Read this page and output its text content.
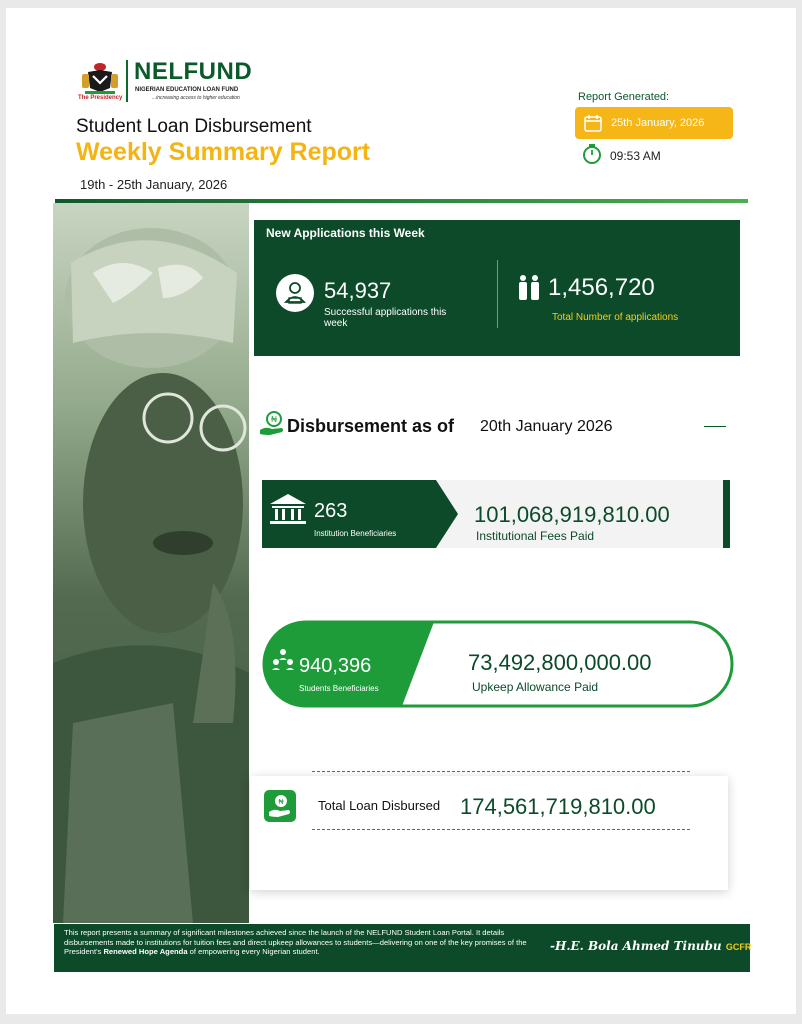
The Presidency
NELFUND
NIGERIAN EDUCATION LOAN FUND
...increasing access to higher education
Student Loan Disbursement
Weekly Summary Report
19th - 25th January, 2026
Report Generated:
25th January, 2026
09:53 AM
New Applications this Week
54,937
Successful applications this week
1,456,720
Total Number of applications
₦ Disbursement as of 20th January 2026
263
Institution Beneficiaries
101,068,919,810.00
Institutional Fees Paid
940,396
Students Beneficiaries
73,492,800,000.00
Upkeep Allowance Paid
₦	Total Loan Disbursed 174,561,719,810.00
This report presents a summary of significant milestones achieved since the launch of the NELFUND Student Loan Portal. It details disbursements made to institutions for tuition fees and direct upkeep allowances to students—delivering on one of the key promises of the President's Renewed Hope Agenda of empowering every Nigerian student.	-H.E. Bola Ahmed Tinubu GCFR
